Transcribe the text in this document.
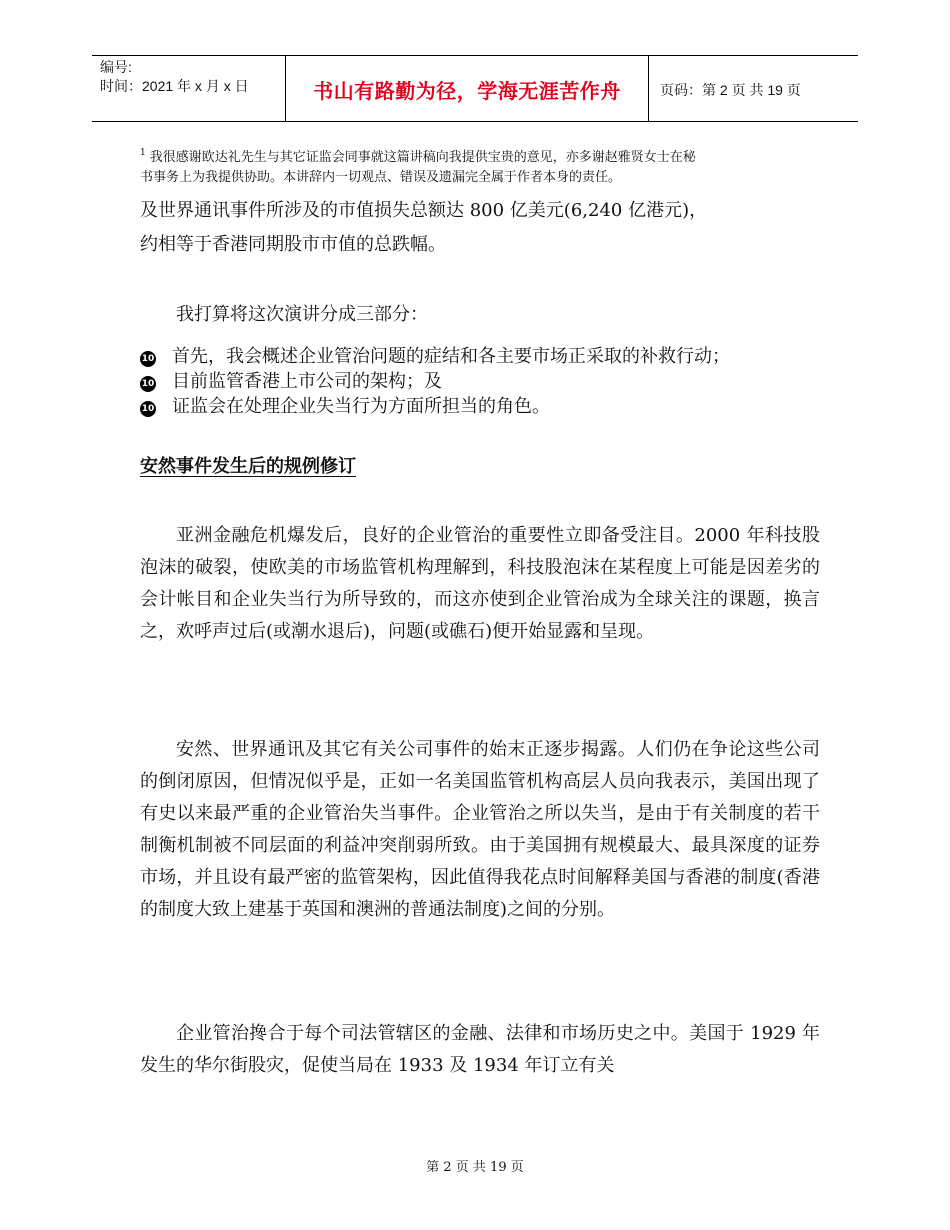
编号:
时间：2021 年 x 月 x 日	书山有路勤为径，学海无涯苦作舟	页码：第 2 页 共 19 页
$^1$ 我很感谢欧达礼先生与其它证监会同事就这篇讲稿向我提供宝贵的意见，亦多谢赵雅贤女士在秘
书事务上为我提供协助。本讲辞内一切观点、错误及遗漏完全属于作者本身的责任。
及世界通讯事件所涉及的市值损失总额达 800 亿美元(6,240 亿港元)，
约相等于香港同期股市市值的总跌幅。
我打算将这次演讲分成三部分：
10 首先，我会概述企业管治问题的症结和各主要市场正采取的补救行动；
10 目前监管香港上市公司的架构；及
10 证监会在处理企业失当行为方面所担当的角色。
安然事件发生后的规例修订
亚洲金融危机爆发后，良好的企业管治的重要性立即备受注目。2000 年科技股泡沫的破裂，使欧美的市场监管机构理解到，科技股泡沫在某程度上可能是因差劣的会计帐目和企业失当行为所导致的，而这亦使到企业管治成为全球关注的课题，换言之，欢呼声过后(或潮水退后)，问题(或礁石)便开始显露和呈现。
安然、世界通讯及其它有关公司事件的始末正逐步揭露。人们仍在争论这些公司的倒闭原因，但情况似乎是，正如一名美国监管机构高层人员向我表示，美国出现了有史以来最严重的企业管治失当事件。企业管治之所以失当，是由于有关制度的若干制衡机制被不同层面的利益冲突削弱所致。由于美国拥有规模最大、最具深度的证券市场，并且设有最严密的监管架构，因此值得我花点时间解释美国与香港的制度(香港的制度大致上建基于英国和澳洲的普通法制度)之间的分别。
企业管治搀合于每个司法管辖区的金融、法律和市场历史之中。美国于 1929 年发生的华尔街股灾，促使当局在 1933 及 1934 年订立有关
第 2 页 共 19 页
